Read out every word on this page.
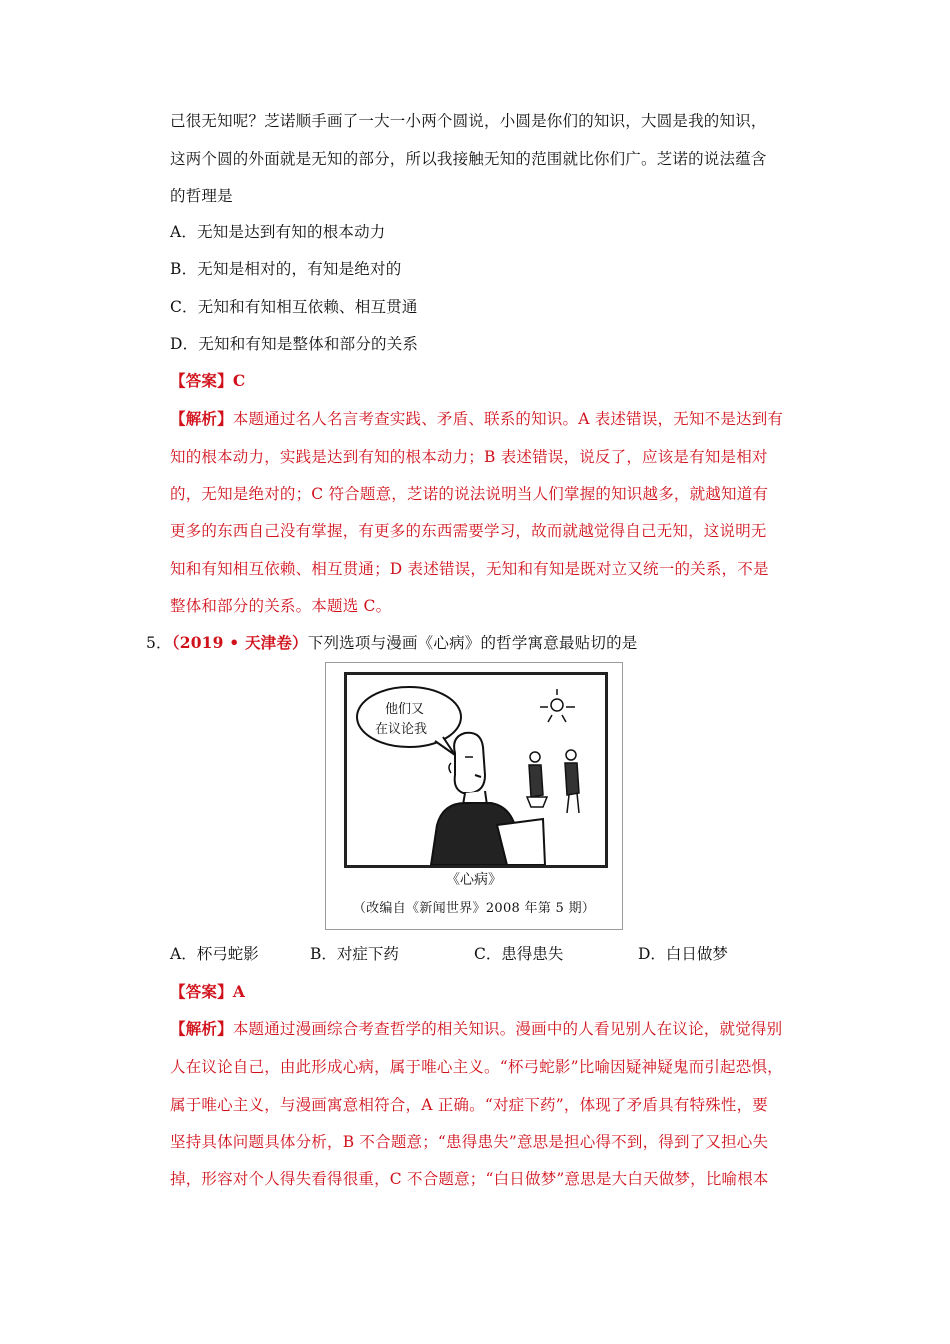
己很无知呢？芝诺顺手画了一大一小两个圆说，小圆是你们的知识，大圆是我的知识，
这两个圆的外面就是无知的部分，所以我接触无知的范围就比你们广。芝诺的说法蕴含
的哲理是
A．无知是达到有知的根本动力
B．无知是相对的，有知是绝对的
C．无知和有知相互依赖、相互贯通
D．无知和有知是整体和部分的关系
【答案】C
【解析】本题通过名人名言考查实践、矛盾、联系的知识。A 表述错误，无知不是达到有
知的根本动力，实践是达到有知的根本动力；B 表述错误，说反了，应该是有知是相对
的，无知是绝对的；C 符合题意，芝诺的说法说明当人们掌握的知识越多，就越知道有
更多的东西自己没有掌握，有更多的东西需要学习，故而就越觉得自己无知，这说明无
知和有知相互依赖、相互贯通；D 表述错误，无知和有知是既对立又统一的关系，不是
整体和部分的关系。本题选 C。
5．（2019 • 天津卷）下列选项与漫画《心病》的哲学寓意最贴切的是
他们又
在议论我
《心病》
（改编自《新闻世界》2008 年第 5 期）
A．杯弓蛇影	B．对症下药	C．患得患失	D．白日做梦
【答案】A
【解析】本题通过漫画综合考查哲学的相关知识。漫画中的人看见别人在议论，就觉得别
人在议论自己，由此形成心病，属于唯心主义。“杯弓蛇影”比喻因疑神疑鬼而引起恐惧，
属于唯心主义，与漫画寓意相符合，A 正确。“对症下药”，体现了矛盾具有特殊性，要
坚持具体问题具体分析，B 不合题意；“患得患失”意思是担心得不到，得到了又担心失
掉，形容对个人得失看得很重，C 不合题意；“白日做梦”意思是大白天做梦，比喻根本
